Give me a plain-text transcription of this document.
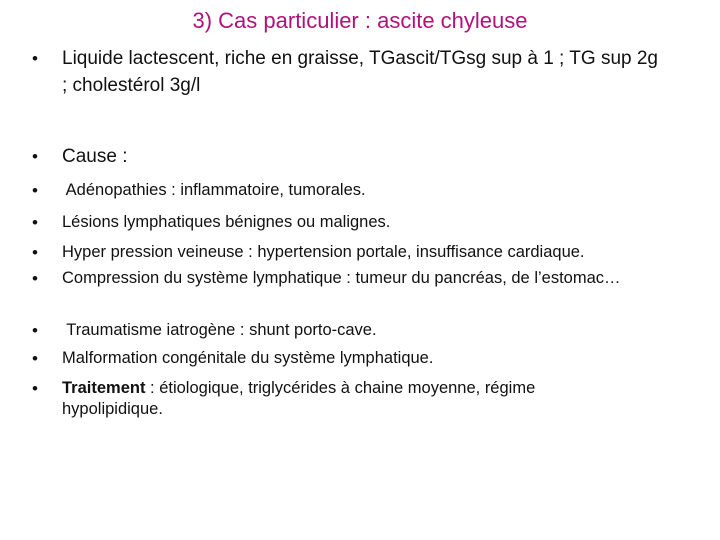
3) Cas particulier : ascite chyleuse
•	Liquide lactescent, riche en graisse, TGascit/TGsg sup à 1 ; TG sup 2g ; cholestérol 3g/l
•	Cause :
•	Adénopathies : inflammatoire, tumorales.
•	Lésions lymphatiques bénignes ou malignes.
•	Hyper pression veineuse : hypertension portale, insuffisance cardiaque.
•	Compression du système lymphatique : tumeur du pancréas, de l’estomac…
•	Traumatisme iatrogène : shunt porto-cave.
•	Malformation congénitale du système lymphatique.
•	Traitement : étiologique, triglycérides à chaine moyenne, régime hypolipidique.
